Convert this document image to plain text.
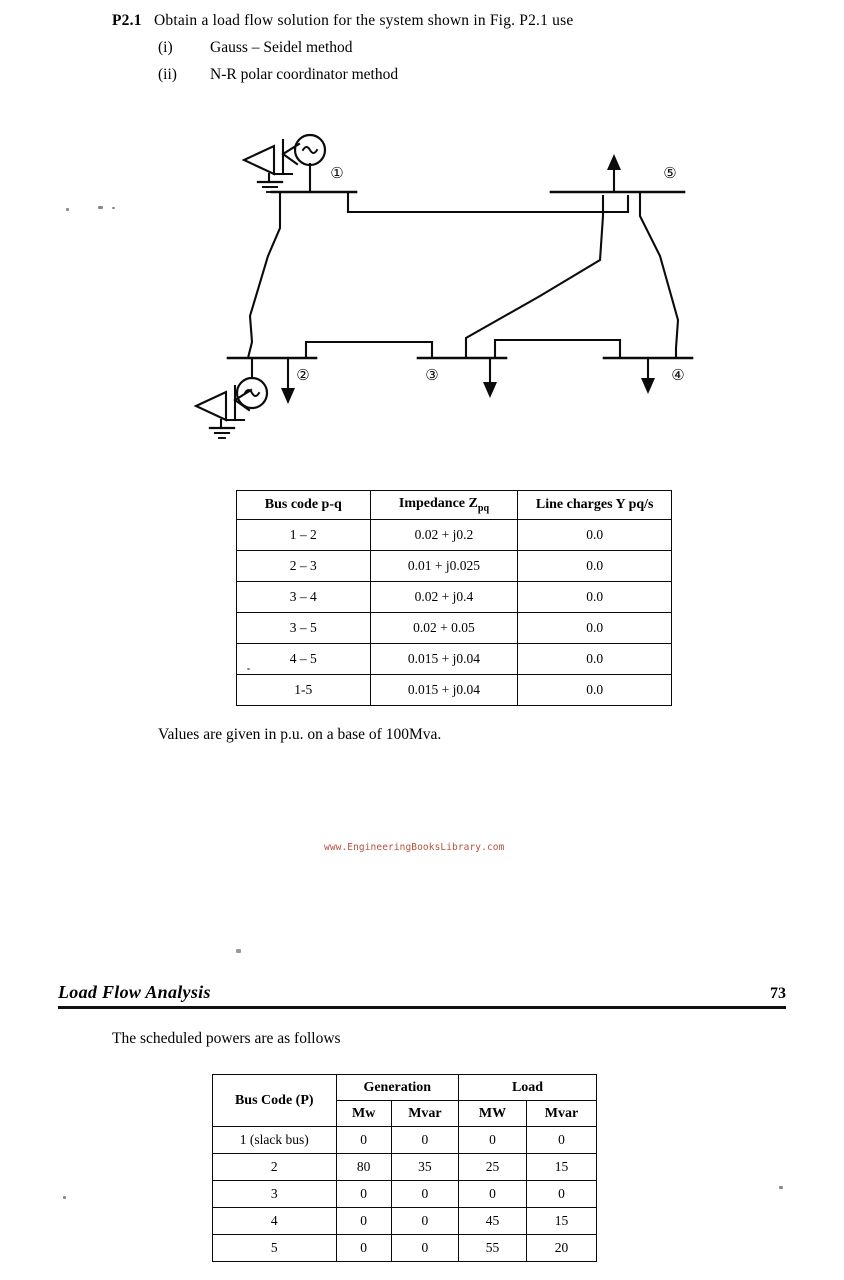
P2.1 Obtain a load flow solution for the system shown in Fig. P2.1 use
(i)	Gauss – Seidel method
(ii)	N-R polar coordinator method
①
②	③	④
⑤
Bus code p-q	Impedance $Z_{pq}$	Line charges Y pq/s
1 – 2	0.02 + j0.2	0.0
2 – 3	0.01 + j0.025	0.0
3 – 4	0.02 + j0.4	0.0
3 – 5	0.02 + 0.05	0.0
4 – 5	0.015 + j0.04	0.0
1-5	0.015 + j0.04	0.0
Values are given in p.u. on a base of 100Mva.
www.EngineeringBooksLibrary.com
Load Flow Analysis	73
The scheduled powers are as follows
Bus Code (P)	Generation		Load	
	Mw	Mvar	MW	Mvar
1 (slack bus)	0	0	0	0
2	80	35	25	15
3	0	0	0	0
4	0	0	45	15
5	0	0	55	20
